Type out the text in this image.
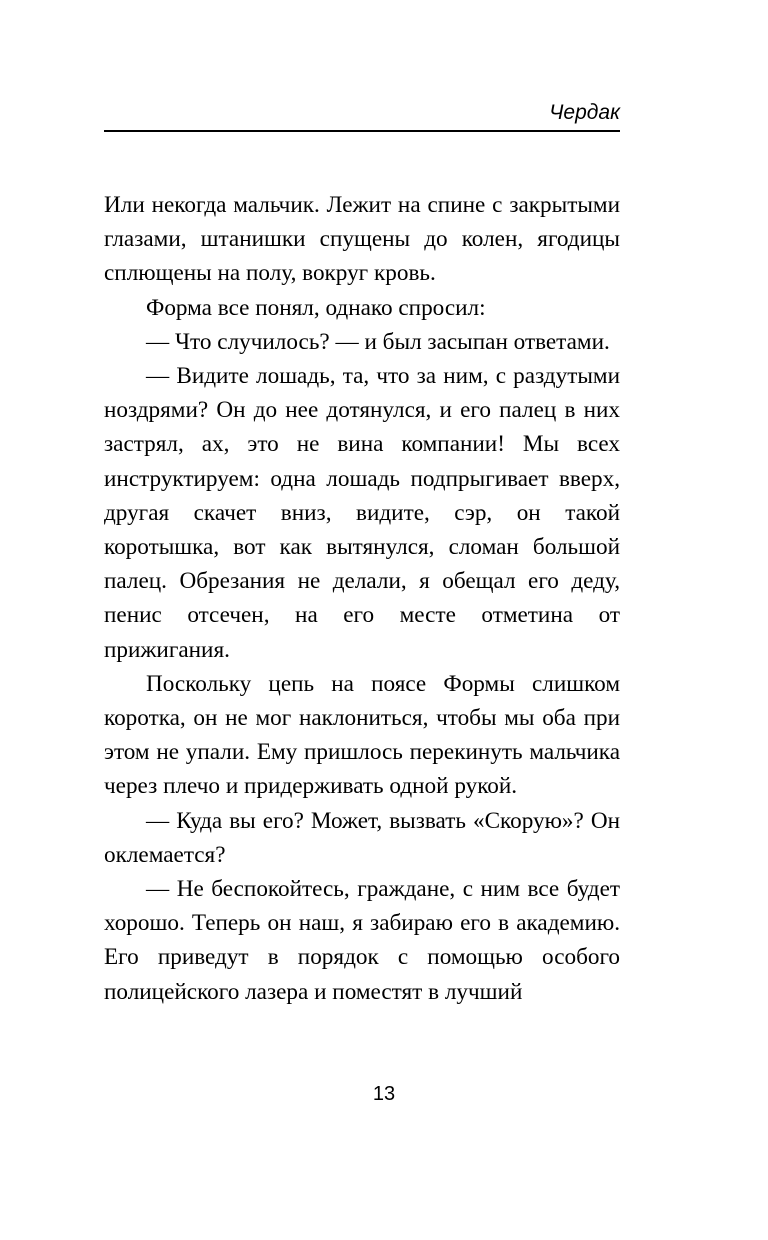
Чердак

Или некогда мальчик. Лежит на спине с закрытыми глазами, штанишки спущены до колен, ягодицы сплющены на полу, вокруг кровь.

Форма все понял, однако спросил:

— Что случилось? — и был засыпан ответами.

— Видите лошадь, та, что за ним, с раздутыми ноздрями? Он до нее дотянулся, и его палец в них застрял, ах, это не вина компании! Мы всех инструктируем: одна лошадь подпрыгивает вверх, другая скачет вниз, видите, сэр, он такой коротышка, вот как вытянулся, сломан большой палец. Обрезания не делали, я обещал его деду, пенис отсечен, на его месте отметина от прижигания.

Поскольку цепь на поясе Формы слишком коротка, он не мог наклониться, чтобы мы оба при этом не упали. Ему пришлось перекинуть мальчика через плечо и придерживать одной рукой.

— Куда вы его? Может, вызвать «Скорую»? Он оклемается?

— Не беспокойтесь, граждане, с ним все будет хорошо. Теперь он наш, я забираю его в академию. Его приведут в порядок с помощью особого полицейского лазера и поместят в лучший

13
